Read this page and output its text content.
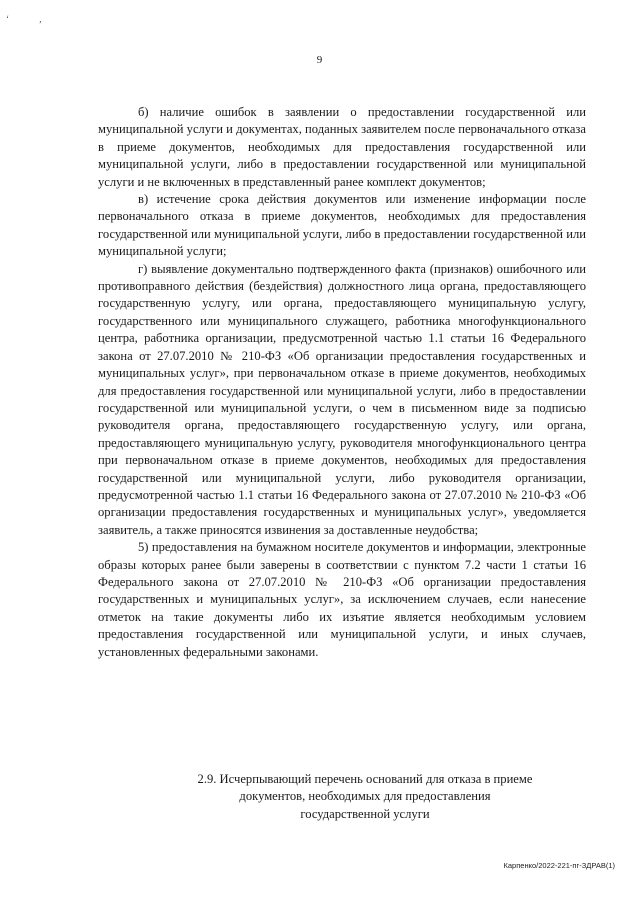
‘ ,
9

б) наличие ошибок в заявлении о предоставлении государственной или муниципальной услуги и документах, поданных заявителем после первоначального отказа в приеме документов, необходимых для предоставления государственной или муниципальной услуги, либо в предоставлении государственной или муниципальной услуги и не включенных в представленный ранее комплект документов;

в) истечение срока действия документов или изменение информации после первоначального отказа в приеме документов, необходимых для предоставления государственной или муниципальной услуги, либо в предоставлении государственной или муниципальной услуги;

г) выявление документально подтвержденного факта (признаков) ошибочного или противоправного действия (бездействия) должностного лица органа, предоставляющего государственную услугу, или органа, предоставляющего муниципальную услугу, государственного или муниципального служащего, работника многофункционального центра, работника организации, предусмотренной частью 1.1 статьи 16 Федерального закона от 27.07.2010 № 210-ФЗ «Об организации предоставления государственных и муниципальных услуг», при первоначальном отказе в приеме документов, необходимых для предоставления государственной или муниципальной услуги, либо в предоставлении государственной или муниципальной услуги, о чем в письменном виде за подписью руководителя органа, предоставляющего государственную услугу, или органа, предоставляющего муниципальную услугу, руководителя многофункционального центра при первоначальном отказе в приеме документов, необходимых для предоставления государственной или муниципальной услуги, либо руководителя организации, предусмотренной частью 1.1 статьи 16 Федерального закона от 27.07.2010 № 210-ФЗ «Об организации предоставления государственных и муниципальных услуг», уведомляется заявитель, а также приносятся извинения за доставленные неудобства;

5) предоставления на бумажном носителе документов и информации, электронные образы которых ранее были заверены в соответствии с пунктом 7.2 части 1 статьи 16 Федерального закона от 27.07.2010 № 210-ФЗ «Об организации предоставления государственных и муниципальных услуг», за исключением случаев, если нанесение отметок на такие документы либо их изъятие является необходимым условием предоставления государственной или муниципальной услуги, и иных случаев, установленных федеральными законами.

2.9. Исчерпывающий перечень оснований для отказа в приеме
документов, необходимых для предоставления
государственной услуги
Карпенко/2022-221-пг-ЗДРАВ(1)
